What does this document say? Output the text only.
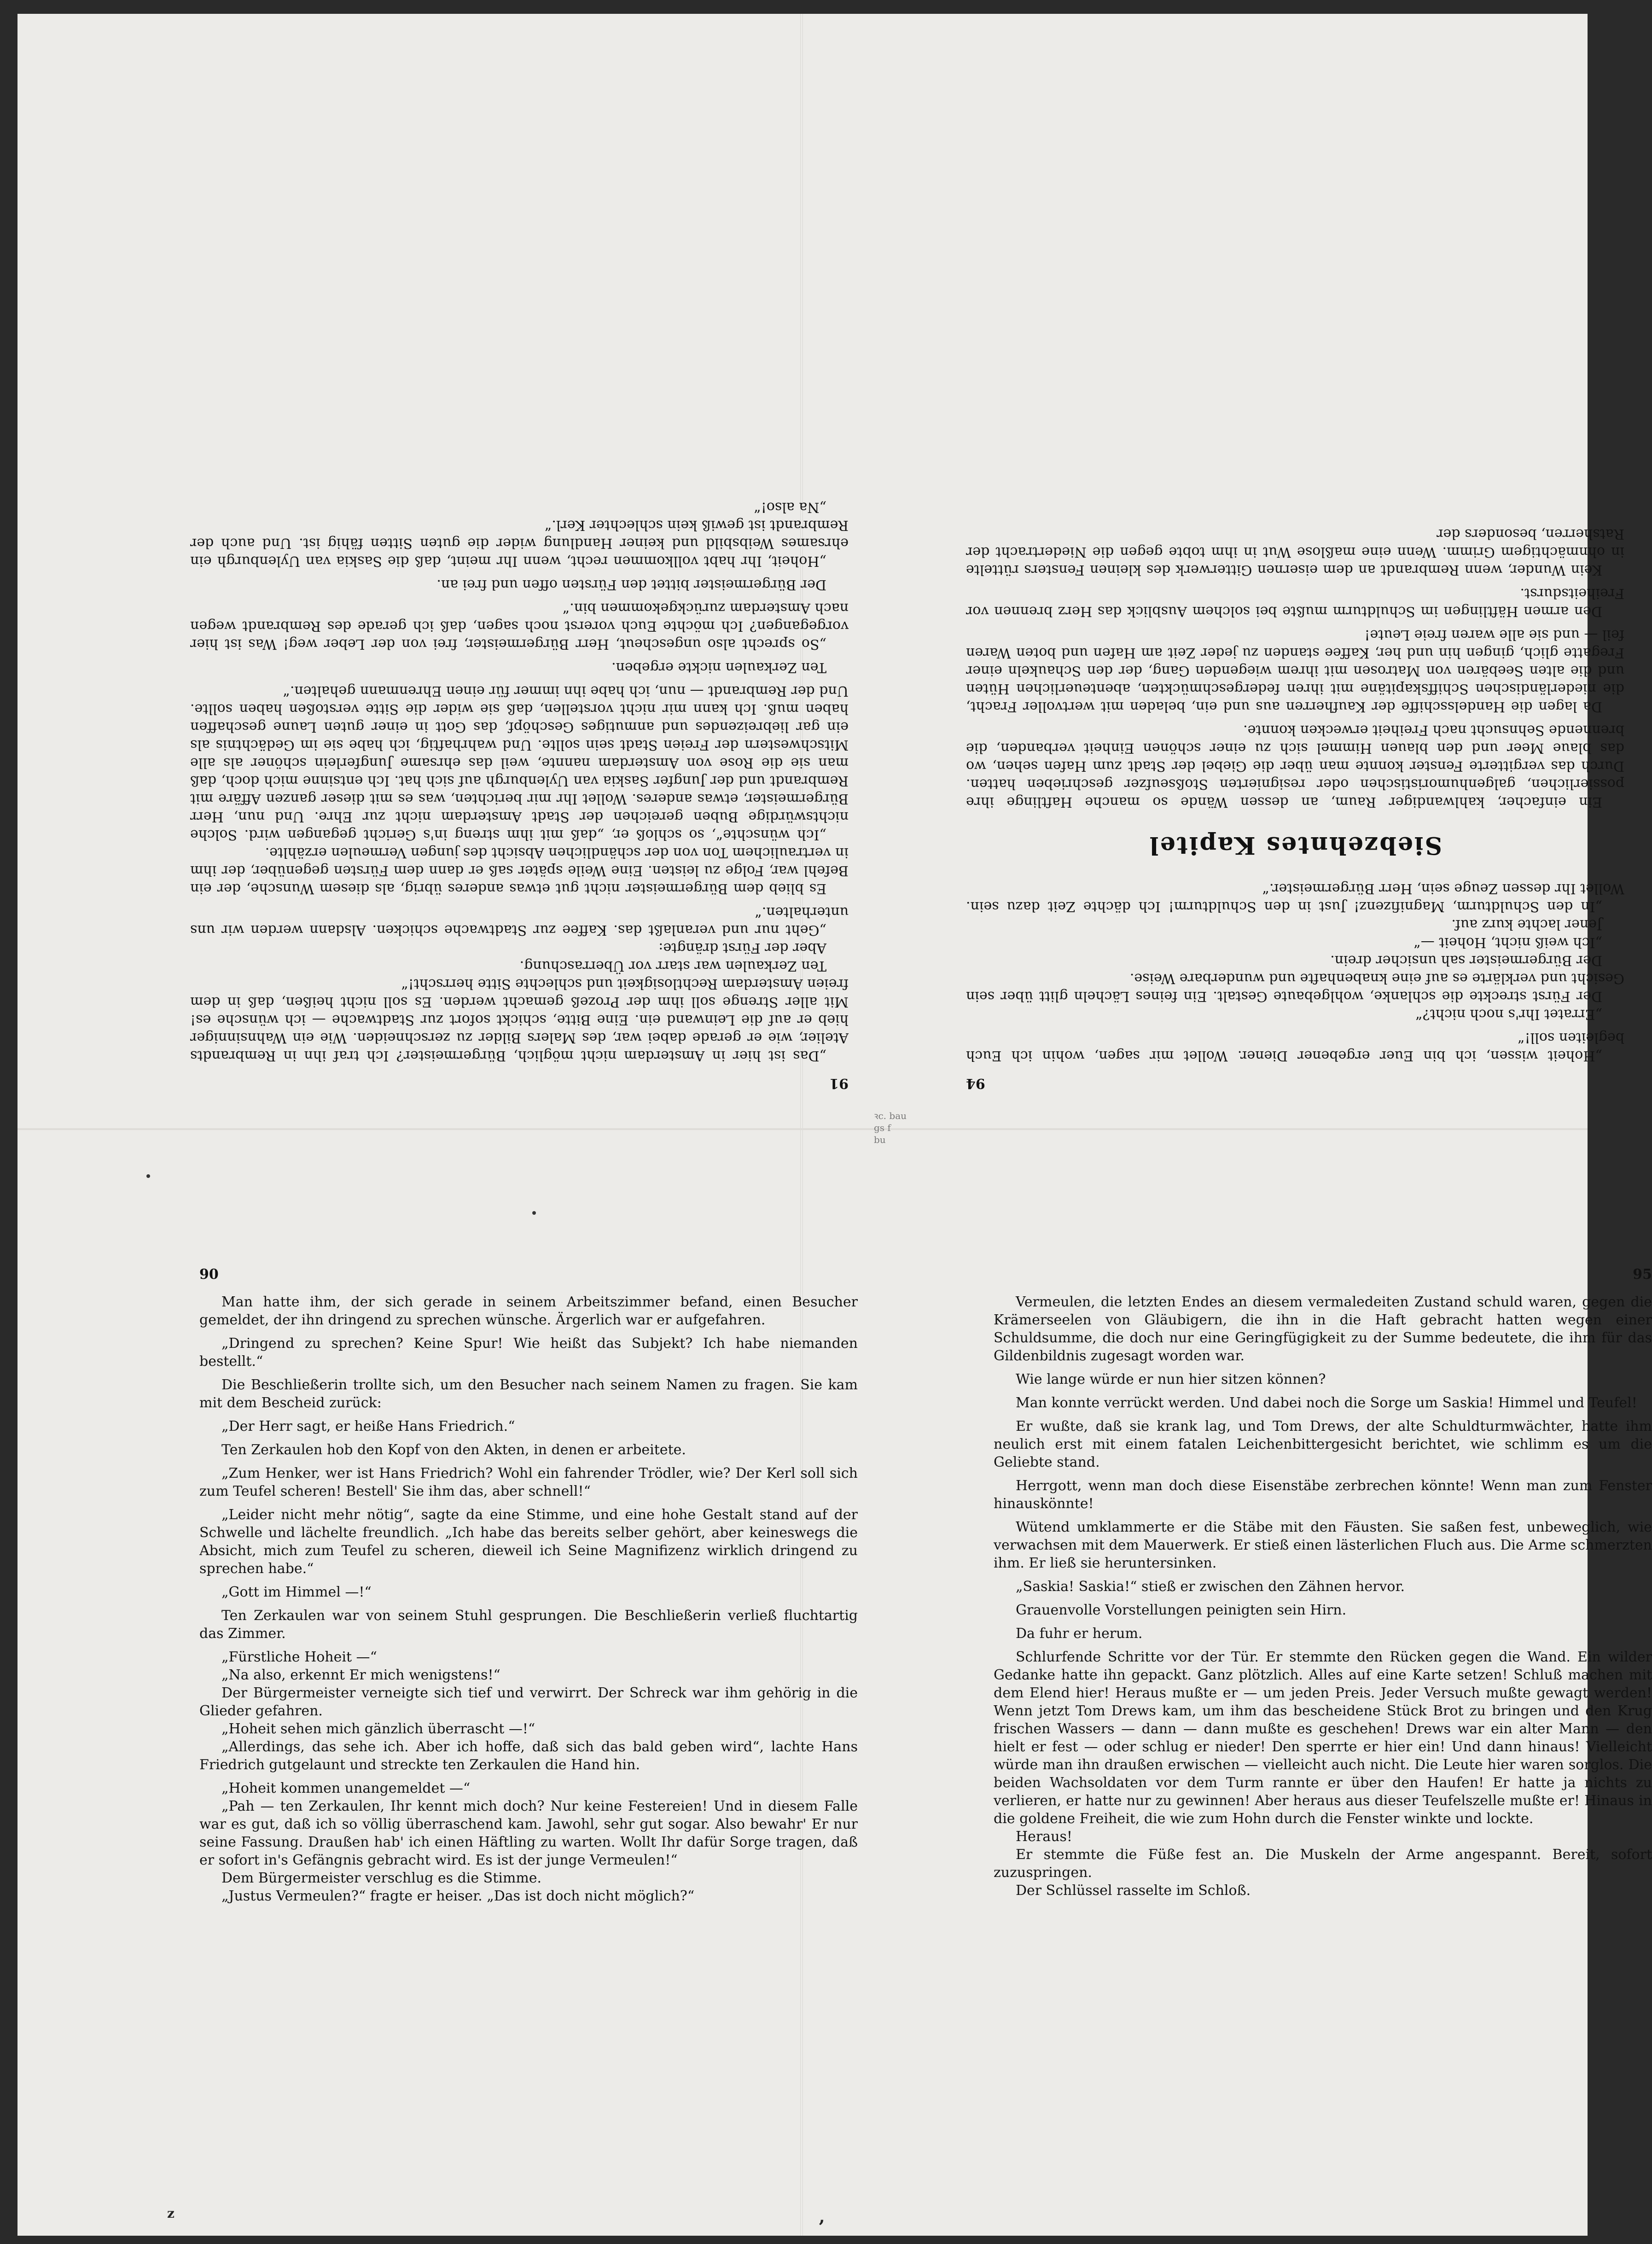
91

„Das ist hier in Amsterdam nicht möglich, Bürgermeister? Ich traf ihn in Rembrandts Atelier, wie er gerade dabei war, des Malers Bilder zu zerschneiden. Wie ein Wahnsinniger hieb er auf die Leinwand ein. Eine Bitte, schickt sofort zur Stadtwache — ich wünsche es! Mit aller Strenge soll ihm der Prozeß gemacht werden. Es soll nicht heißen, daß in dem freien Amsterdam Rechtlosigkeit und schlechte Sitte herrscht!“

Ten Zerkaulen war starr vor Überraschung.

Aber der Fürst drängte:

„Geht nur und veranlaßt das. Kaffee zur Stadtwache schicken. Alsdann werden wir uns unterhalten.“

Es blieb dem Bürgermeister nicht gut etwas anderes übrig, als diesem Wunsche, der ein Befehl war, Folge zu leisten. Eine Weile später saß er dann dem Fürsten gegenüber, der ihm in vertraulichem Ton von der schändlichen Absicht des jungen Vermeulen erzählte.

„Ich wünschte“, so schloß er, „daß mit ihm streng in's Gericht gegangen wird. Solche nichtswürdige Buben gereichen der Stadt Amsterdam nicht zur Ehre. Und nun, Herr Bürgermeister, etwas anderes. Wollet Ihr mir berichten, was es mit dieser ganzen Affäre mit Rembrandt und der Jungfer Saskia van Uylenburgh auf sich hat. Ich entsinne mich doch, daß man sie die Rose von Amsterdam nannte, weil das ehrsame Jungferlein schöner als alle Mitschwestern der Freien Stadt sein sollte. Und wahrhaftig, ich habe sie im Gedächtnis als ein gar liebreizendes und anmutiges Geschöpf, das Gott in einer guten Laune geschaffen haben muß. Ich kann mir nicht vorstellen, daß sie wider die Sitte verstoßen haben sollte. Und der Rembrandt — nun, ich habe ihn immer für einen Ehrenmann gehalten.“

Ten Zerkaulen nickte ergeben.

„So sprecht also ungescheut, Herr Bürgermeister, frei von der Leber weg! Was ist hier vorgegangen? Ich möchte Euch vorerst noch sagen, daß ich gerade des Rembrandt wegen nach Amsterdam zurückgekommen bin.“

Der Bürgermeister bittet den Fürsten offen und frei an.

„Hoheit, Ihr habt vollkommen recht, wenn Ihr meint, daß die Saskia van Uylenburgh ein ehrsames Weibsbild und keiner Handlung wider die guten Sitten fähig ist. Und auch der Rembrandt ist gewiß kein schlechter Kerl.“

„Na also!“

94

„Hoheit wissen, ich bin Euer ergebener Diener. Wollet mir sagen, wohin ich Euch begleiten soll!“

„Erratet Ihr's noch nicht?“

Der Fürst streckte die schlanke, wohlgebaute Gestalt. Ein feines Lächeln glitt über sein Gesicht und verklärte es auf eine knabenhafte und wunderbare Weise.

Der Bürgermeister sah unsicher drein.

„Ich weiß nicht, Hoheit —“

Jener lachte kurz auf.

„In den Schuldturm, Magnifizenz! Just in den Schuldturm! Ich dächte Zeit dazu sein. Wollet Ihr dessen Zeuge sein, Herr Bürgermeister.“

Siebzehntes Kapitel

Ein einfacher, kahlwandiger Raum, an dessen Wände so manche Haftlinge ihre possierlichen, galgenhumoristischen oder resignierten Stoßseufzer geschrieben hatten. Durch das vergitterte Fenster konnte man über die Giebel der Stadt zum Hafen sehen, wo das blaue Meer und den blauen Himmel sich zu einer schönen Einheit verbanden, die brennende Sehnsucht nach Freiheit erwecken konnte.

Da lagen die Handelsschiffe der Kaufherren aus und ein, beladen mit wertvoller Fracht, die niederländischen Schiffskapitäne mit ihren federgeschmückten, abenteuerlichen Hüten und die alten Seebären von Matrosen mit ihrem wiegenden Gang, der den Schaukeln einer Fregatte glich, gingen hin und her, Kaffee standen zu jeder Zeit am Hafen und boten Waren feil — und sie alle waren freie Leute!

Den armen Häftlingen im Schuldturm mußte bei solchem Ausblick das Herz brennen vor Freiheitsdurst.

Kein Wunder, wenn Rembrandt an dem eisernen Gitterwerk des kleinen Fensters rüttelte in ohnmächtigem Grimm. Wenn eine maßlose Wut in ihm tobte gegen die Niedertracht der Ratsherren, besonders der

90

Man hatte ihm, der sich gerade in seinem Arbeitszimmer befand, einen Besucher gemeldet, der ihn dringend zu sprechen wünsche. Ärgerlich war er aufgefahren.

„Dringend zu sprechen? Keine Spur! Wie heißt das Subjekt? Ich habe niemanden bestellt.“

Die Beschließerin trollte sich, um den Besucher nach seinem Namen zu fragen. Sie kam mit dem Bescheid zurück:

„Der Herr sagt, er heiße Hans Friedrich.“

Ten Zerkaulen hob den Kopf von den Akten, in denen er arbeitete.

„Zum Henker, wer ist Hans Friedrich? Wohl ein fahrender Trödler, wie? Der Kerl soll sich zum Teufel scheren! Bestell' Sie ihm das, aber schnell!“

„Leider nicht mehr nötig“, sagte da eine Stimme, und eine hohe Gestalt stand auf der Schwelle und lächelte freundlich. „Ich habe das bereits selber gehört, aber keineswegs die Absicht, mich zum Teufel zu scheren, dieweil ich Seine Magnifizenz wirklich dringend zu sprechen habe.“

„Gott im Himmel —!“

Ten Zerkaulen war von seinem Stuhl gesprungen. Die Beschließerin verließ fluchtartig das Zimmer.

„Fürstliche Hoheit —“

„Na also, erkennt Er mich wenigstens!“

Der Bürgermeister verneigte sich tief und verwirrt. Der Schreck war ihm gehörig in die Glieder gefahren.

„Hoheit sehen mich gänzlich überrascht —!“

„Allerdings, das sehe ich. Aber ich hoffe, daß sich das bald geben wird“, lachte Hans Friedrich gutgelaunt und streckte ten Zerkaulen die Hand hin.

„Hoheit kommen unangemeldet —“

„Pah — ten Zerkaulen, Ihr kennt mich doch? Nur keine Festereien! Und in diesem Falle war es gut, daß ich so völlig überraschend kam. Jawohl, sehr gut sogar. Also bewahr' Er nur seine Fassung. Draußen hab' ich einen Häftling zu warten. Wollt Ihr dafür Sorge tragen, daß er sofort in's Gefängnis gebracht wird. Es ist der junge Vermeulen!“

Dem Bürgermeister verschlug es die Stimme.

„Justus Vermeulen?“ fragte er heiser. „Das ist doch nicht möglich?“

95

Vermeulen, die letzten Endes an diesem vermaledeiten Zustand schuld waren, gegen die Krämerseelen von Gläubigern, die ihn in die Haft gebracht hatten wegen einer Schuldsumme, die doch nur eine Geringfügigkeit zu der Summe bedeutete, die ihm für das Gildenbildnis zugesagt worden war.

Wie lange würde er nun hier sitzen können?

Man konnte verrückt werden. Und dabei noch die Sorge um Saskia! Himmel und Teufel!

Er wußte, daß sie krank lag, und Tom Drews, der alte Schuldturmwächter, hatte ihm neulich erst mit einem fatalen Leichenbittergesicht berichtet, wie schlimm es um die Geliebte stand.

Herrgott, wenn man doch diese Eisenstäbe zerbrechen könnte! Wenn man zum Fenster hinauskönnte!

Wütend umklammerte er die Stäbe mit den Fäusten. Sie saßen fest, unbeweglich, wie verwachsen mit dem Mauerwerk. Er stieß einen lästerlichen Fluch aus. Die Arme schmerzten ihm. Er ließ sie heruntersinken.

„Saskia! Saskia!“ stieß er zwischen den Zähnen hervor.

Grauenvolle Vorstellungen peinigten sein Hirn.

Da fuhr er herum.

Schlurfende Schritte vor der Tür. Er stemmte den Rücken gegen die Wand. Ein wilder Gedanke hatte ihn gepackt. Ganz plötzlich. Alles auf eine Karte setzen! Schluß machen mit dem Elend hier! Heraus mußte er — um jeden Preis. Jeder Versuch mußte gewagt werden! Wenn jetzt Tom Drews kam, um ihm das bescheidene Stück Brot zu bringen und den Krug frischen Wassers — dann — dann mußte es geschehen! Drews war ein alter Mann — den hielt er fest — oder schlug er nieder! Den sperrte er hier ein! Und dann hinaus! Vielleicht würde man ihn draußen erwischen — vielleicht auch nicht. Die Leute hier waren sorglos. Die beiden Wachsoldaten vor dem Turm rannte er über den Haufen! Er hatte ja nichts zu verlieren, er hatte nur zu gewinnen! Aber heraus aus dieser Teufelszelle mußte er! Hinaus in die goldene Freiheit, die wie zum Hohn durch die Fenster winkte und lockte.

Heraus!

Er stemmte die Füße fest an. Die Muskeln der Arme angespannt. Bereit, sofort zuzuspringen.

Der Schlüssel rasselte im Schloß.

ꝛc. bau
gs f
bu
‚
z
